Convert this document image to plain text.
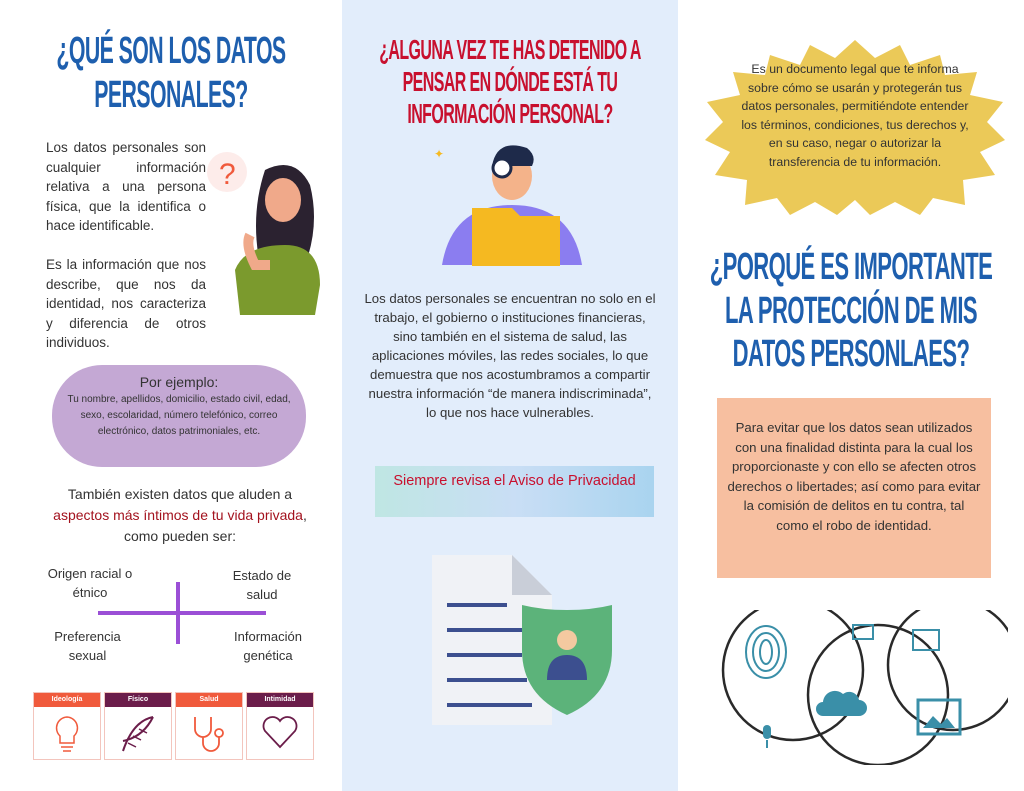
¿QUÉ SON LOS DATOS PERSONALES?
Los datos personales son cualquier información relativa a una persona física, que la identifica o hace identificable.
Es la información que nos describe, que nos da identidad, nos caracteriza y diferencia de otros individuos.
?
Por ejemplo:
Tu nombre, apellidos, domicilio, estado civil, edad, sexo, escolaridad, número telefónico, correo electrónico, datos patrimoniales, etc.
También existen datos que aluden a aspectos más íntimos de tu vida privada, como pueden ser:
Origen racial o étnico
Estado de salud
Preferencia sexual
Información genética
Ideología	Físico	Salud	Intimidad
¿ALGUNA VEZ TE HAS DETENIDO A PENSAR EN DÓNDE ESTÁ TU INFORMACIÓN PERSONAL?
✦
Los datos personales se encuentran no solo en el trabajo, el gobierno o instituciones financieras, sino también en el sistema de salud, las aplicaciones móviles, las redes sociales, lo que demuestra que nos acostumbramos a compartir nuestra información “de manera indiscriminada”, lo que nos hace vulnerables.
Siempre revisa el Aviso de Privacidad
Es un documento legal que te informa sobre cómo se usarán y protegerán tus datos personales, permitiéndote entender los términos, condiciones, tus derechos y, en su caso, negar o autorizar la transferencia de tu información.
¿PORQUÉ ES IMPORTANTE LA PROTECCIÓN DE MIS DATOS PERSONLAES?
Para evitar que los datos sean utilizados con una finalidad distinta para la cual los proporcionaste y con ello se afecten otros derechos o libertades; así como para evitar la comisión de delitos en tu contra, tal como el robo de identidad.
